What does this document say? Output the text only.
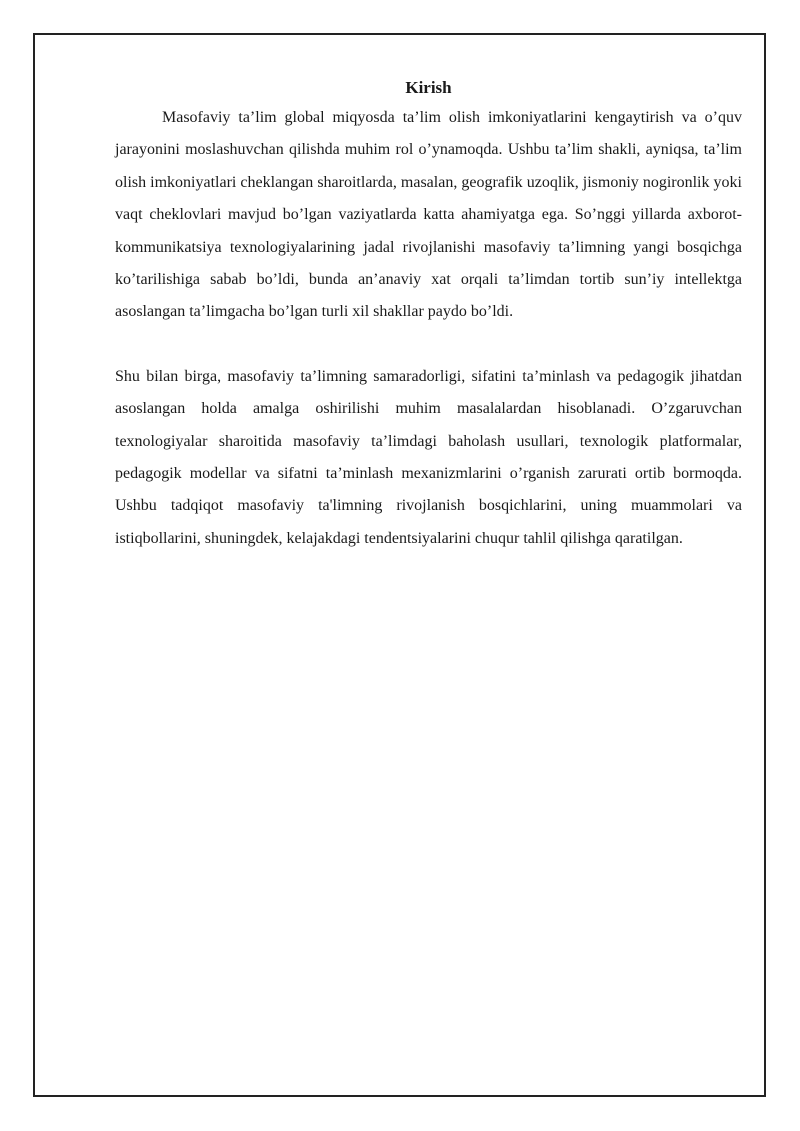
Kirish

Masofaviy ta’lim global miqyosda ta’lim olish imkoniyatlarini kengaytirish va o’quv jarayonini moslashuvchan qilishda muhim rol o’ynamoqda. Ushbu ta’lim shakli, ayniqsa, ta’lim olish imkoniyatlari cheklangan sharoitlarda, masalan, geografik uzoqlik, jismoniy nogironlik yoki vaqt cheklovlari mavjud bo’lgan vaziyatlarda katta ahamiyatga ega. So’nggi yillarda axborot-kommunikatsiya texnologiyalarining jadal rivojlanishi masofaviy ta’limning yangi bosqichga ko’tarilishiga sabab bo’ldi, bunda an’anaviy xat orqali ta’limdan tortib sun’iy intellektga asoslangan ta’limgacha bo’lgan turli xil shakllar paydo bo’ldi.

Shu bilan birga, masofaviy ta’limning samaradorligi, sifatini ta’minlash va pedagogik jihatdan asoslangan holda amalga oshirilishi muhim masalalardan hisoblanadi. O’zgaruvchan texnologiyalar sharoitida masofaviy ta’limdagi baholash usullari, texnologik platformalar, pedagogik modellar va sifatni ta’minlash mexanizmlarini o’rganish zarurati ortib bormoqda. Ushbu tadqiqot masofaviy ta'limning rivojlanish bosqichlarini, uning muammolari va istiqbollarini, shuningdek, kelajakdagi tendentsiyalarini chuqur tahlil qilishga qaratilgan.
